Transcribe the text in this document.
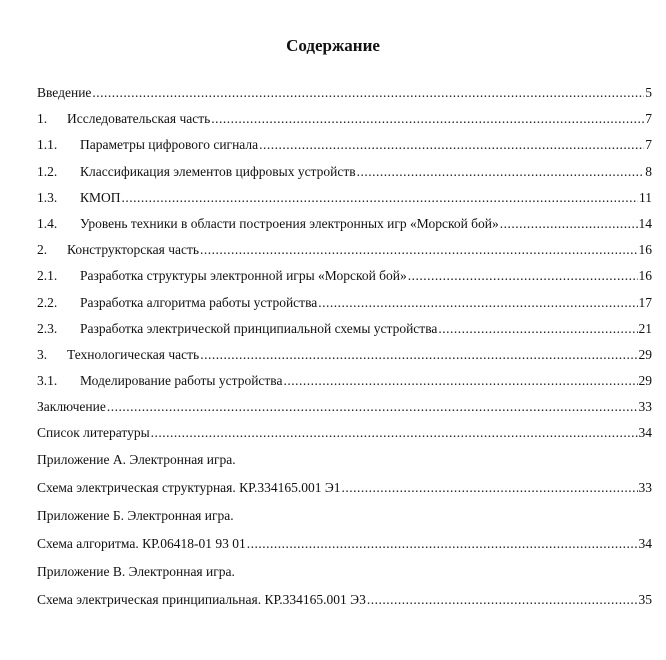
Содержание
Введение .....	5
1.	Исследовательская часть .....	7
1.1.	Параметры цифрового сигнала .....	7
1.2.	Классификация элементов цифровых устройств .....	8
1.3.	КМОП .....	11
1.4.	Уровень техники в области построения электронных игр «Морской бой» .....	14
2.	Конструкторская часть .....	16
2.1.	Разработка структуры электронной игры «Морской бой» .....	16
2.2.	Разработка алгоритма работы устройства .....	17
2.3.	Разработка электрической принципиальной схемы устройства .....	21
3.	Технологическая часть .....	29
3.1.	Моделирование работы устройства .....	29
Заключение .....	33
Список литературы .....	34
Приложение А. Электронная игра.
Схема электрическая структурная. КР.334165.001 Э1 .....	33
Приложение Б. Электронная игра.
Схема алгоритма. КР.06418-01 93 01 .....	34
Приложение В. Электронная игра.
Схема электрическая принципиальная. КР.334165.001 Э3 .....	35
